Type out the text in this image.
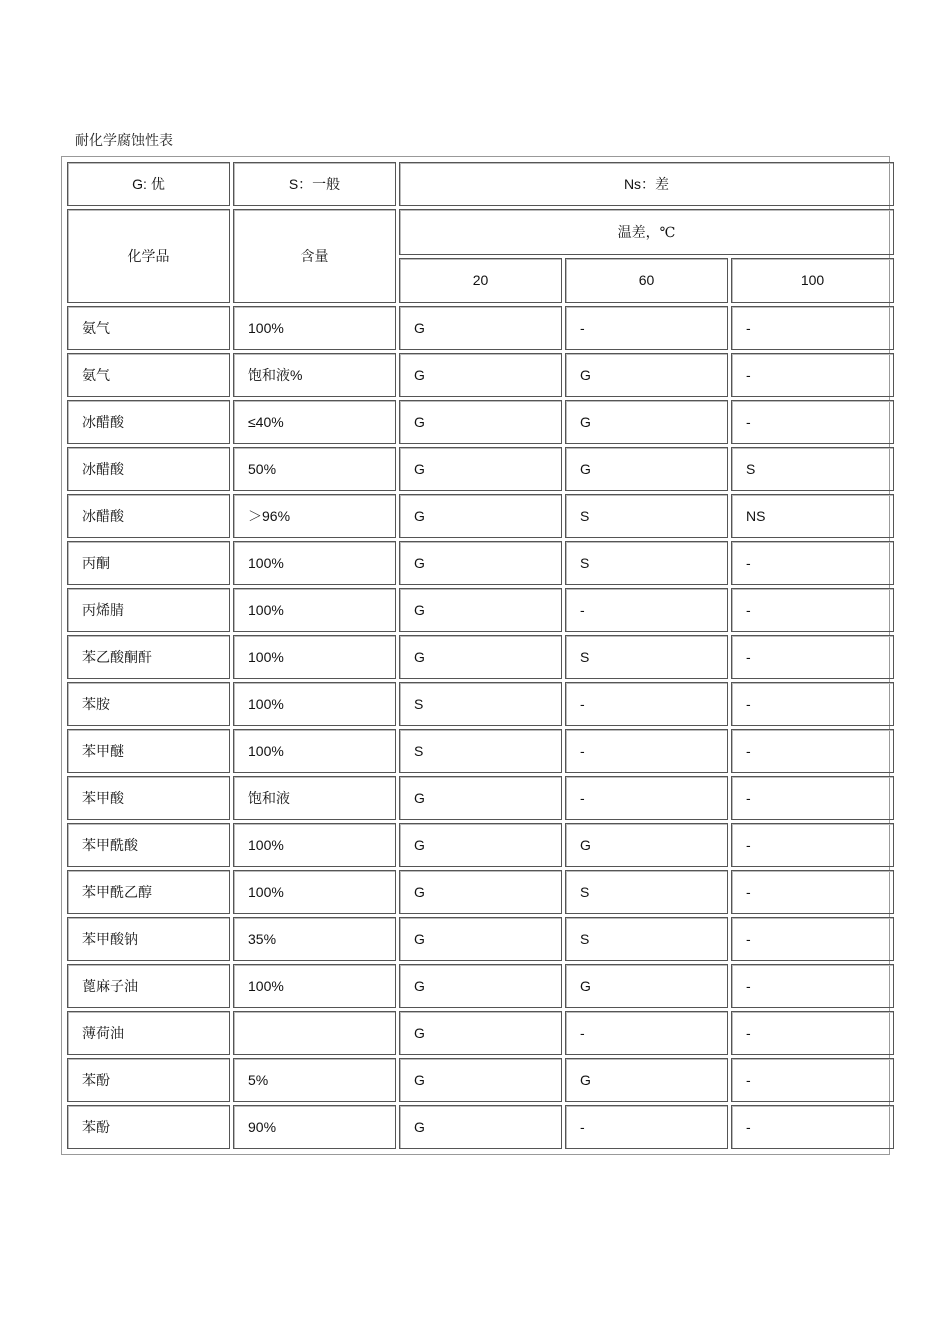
耐化学腐蚀性表
G: 优	S：一般	Ns：差		
化学品	含量	温差，℃		
		20	60	100
氨气	100%	G	-	-
氨气	饱和液%	G	G	-
冰醋酸	≤40%	G	G	-
冰醋酸	50%	G	G	S
冰醋酸	＞96%	G	S	NS
丙酮	100%	G	S	-
丙烯腈	100%	G	-	-
苯乙酸酮酐	100%	G	S	-
苯胺	100%	S	-	-
苯甲醚	100%	S	-	-
苯甲酸	饱和液	G	-	-
苯甲酰酸	100%	G	G	-
苯甲酰乙醇	100%	G	S	-
苯甲酸钠	35%	G	S	-
蓖麻子油	100%	G	G	-
薄荷油		G	-	-
苯酚	5%	G	G	-
苯酚	90%	G	-	-
